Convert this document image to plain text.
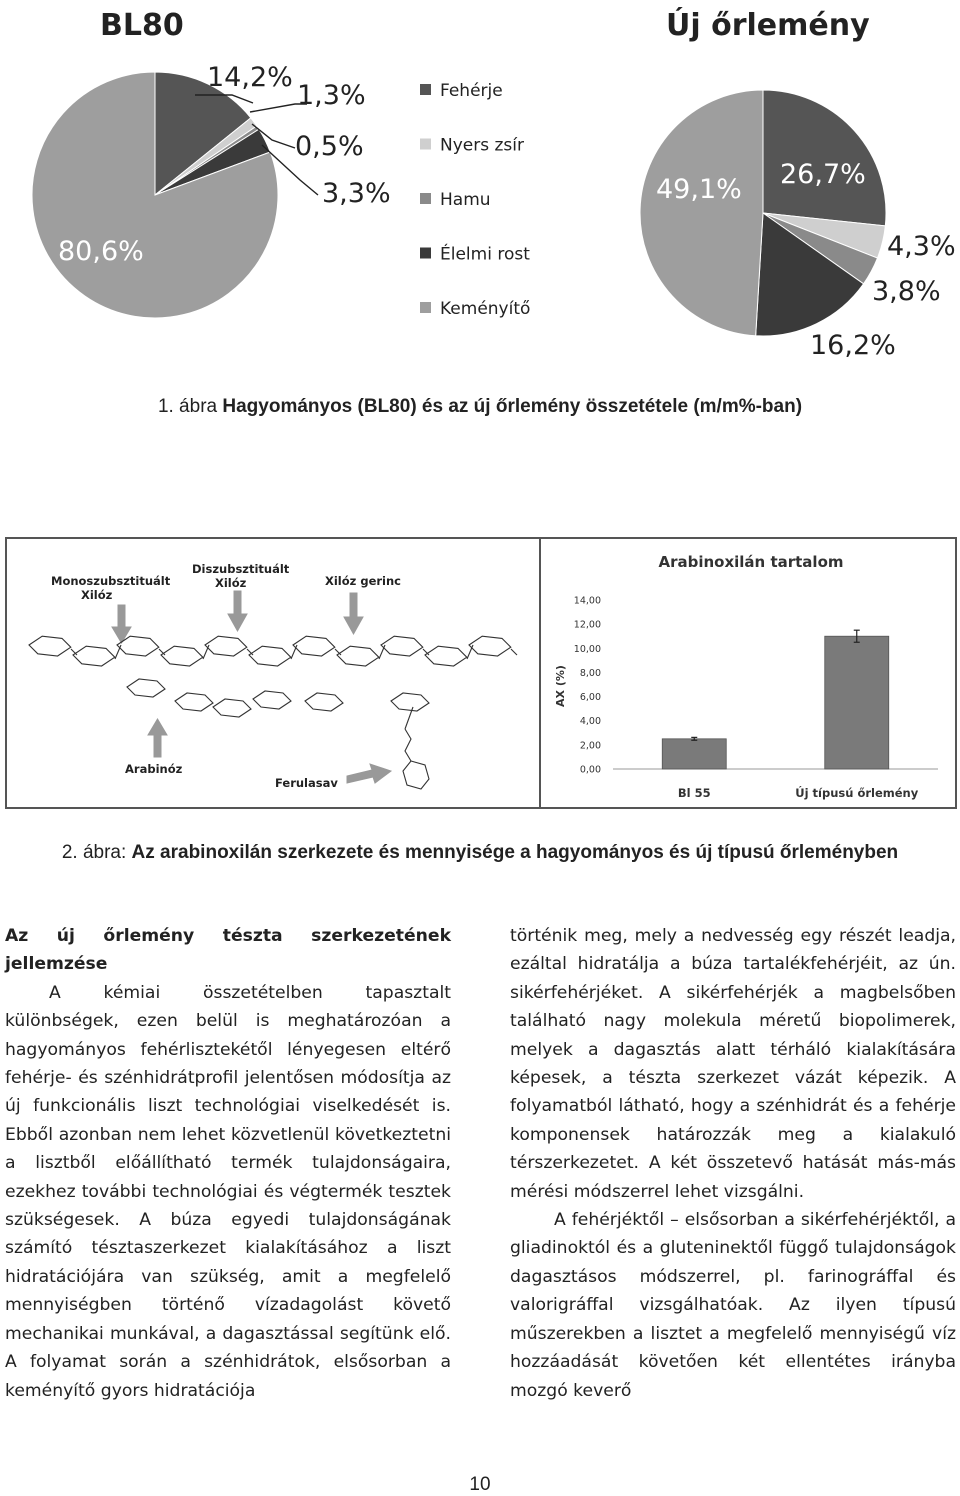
BL80	Új őrlemény
14,2%
1,3%
0,5%
3,3%
80,6%
26,7%
4,3%
3,8%
16,2%
49,1%
Fehérje
Nyers zsír
Hamu
Élelmi rost
Keményítő
1. ábra Hagyományos (BL80) és az új őrlemény összetétele (m/m%-ban)
Monoszubsztituált
Xilóz
Diszubsztituált
Xilóz	Xilóz gerinc
Arabinóz
Ferulasav
Arabinoxilán tartalom
AX (%)
0,00
2,00
4,00
6,00
8,00
10,00
12,00
14,00
Bl 55	Új típusú őrlemény
2. ábra: Az arabinoxilán szerkezete és mennyisége a hagyományos és új típusú őrleményben

Az új őrlemény tészta szerkezetének jellemzése

A kémiai összetételben tapasztalt különbségek, ezen belül is meghatározóan a hagyományos fehérlisztekétől lényegesen eltérő fehérje- és szénhidrátprofil jelentősen módosítja az új funkcionális liszt technológiai viselkedését is. Ebből azonban nem lehet közvetlenül következtetni a lisztből előállítható termék tulajdonságaira, ezekhez további technológiai és végtermék tesztek szükségesek. A búza egyedi tulajdonságának számító tésztaszerkezet kialakításához a liszt hidratációjára van szükség, amit a megfelelő mennyiségben történő vízadagolást követő mechanikai munkával, a dagasztással segítünk elő. A folyamat során a szénhidrátok, elsősorban a keményítő gyors hidratációja

történik meg, mely a nedvesség egy részét leadja, ezáltal hidratálja a búza tartalékfehérjéit, az ún. sikérfehérjéket. A sikérfehérjék a magbelsőben található nagy molekula méretű biopolimerek, melyek a dagasztás alatt térháló kialakítására képesek, a tészta szerkezet vázát képezik. A folyamatból látható, hogy a szénhidrát és a fehérje komponensek határozzák meg a kialakuló térszerkezetet. A két összetevő hatását más-más mérési módszerrel lehet vizsgálni.

A fehérjéktől – elsősorban a sikérfehérjéktől, a gliadinoktól és a gluteninektől függő tulajdonságok dagasztásos módszerrel, pl. farinográffal és valorigráffal vizsgálhatóak. Az ilyen típusú műszerekben a lisztet a megfelelő mennyiségű víz hozzáadását követően két ellentétes irányba mozgó keverő

10
